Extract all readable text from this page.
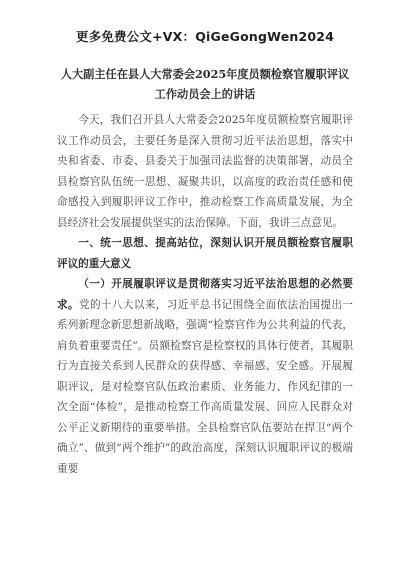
更多免费公文+VX：QiGeGongWen2024
人大副主任在县人大常委会2025年度员额检察官履职评议工作动员会上的讲话

今天，我们召开县人大常委会2025年度员额检察官履职评议工作动员会，主要任务是深入贯彻习近平法治思想，落实中央和省委、市委、县委关于加强司法监督的决策部署，动员全县检察官队伍统一思想、凝聚共识，以高度的政治责任感和使命感投入到履职评议工作中，推动检察工作高质量发展，为全县经济社会发展提供坚实的法治保障。下面，我讲三点意见。

一、统一思想、提高站位，深刻认识开展员额检察官履职评议的重大意义

（一）开展履职评议是贯彻落实习近平法治思想的必然要求。党的十八大以来，习近平总书记围绕全面依法治国提出一系列新理念新思想新战略，强调“检察官作为公共利益的代表，肩负着重要责任”。员额检察官是检察权的具体行使者，其履职行为直接关系到人民群众的获得感、幸福感、安全感。开展履职评议，是对检察官队伍政治素质、业务能力、作风纪律的一次全面“体检”，是推动检察工作高质量发展、回应人民群众对公平正义新期待的重要举措。全县检察官队伍要站在捍卫“两个确立”、做到“两个维护”的政治高度，深刻认识履职评议的极端重要
